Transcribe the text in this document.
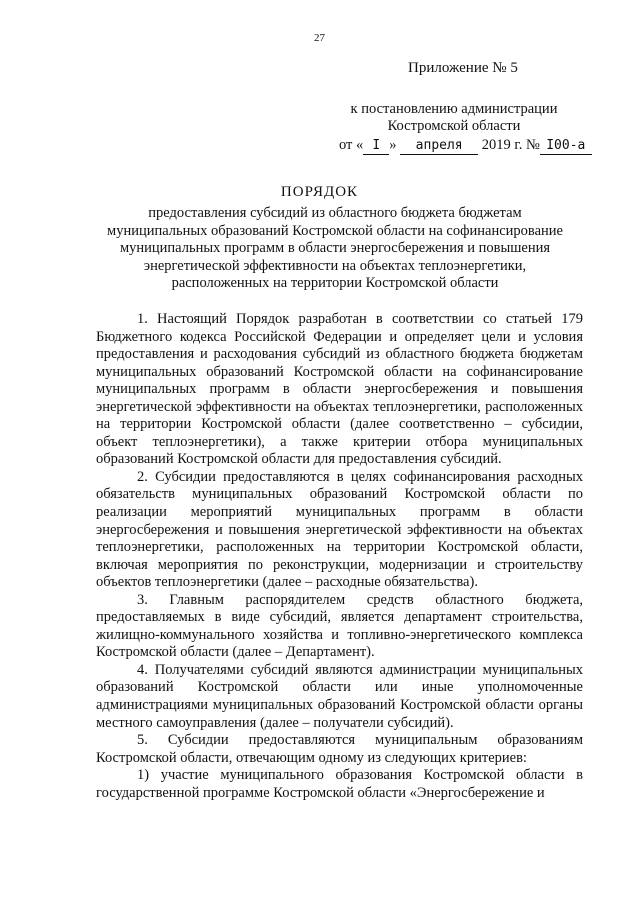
27
Приложение № 5
к постановлению администрации
Костромской области
от « I » апреля 2019 г. № I00-а
ПОРЯДОК
предоставления субсидий из областного бюджета бюджетам муниципальных образований Костромской области на софинансирование муниципальных программ в области энергосбережения и повышения энергетической эффективности на объектах теплоэнергетики, расположенных на территории Костромской области

1. Настоящий Порядок разработан в соответствии со статьей 179 Бюджетного кодекса Российской Федерации и определяет цели и условия предоставления и расходования субсидий из областного бюджета бюджетам муниципальных образований Костромской области на софинансирование муниципальных программ в области энергосбережения и повышения энергетической эффективности на объектах теплоэнергетики, расположенных на территории Костромской области (далее соответственно – субсидии, объект теплоэнергетики), а также критерии отбора муниципальных образований Костромской области для предоставления субсидий.

2. Субсидии предоставляются в целях софинансирования расходных обязательств муниципальных образований Костромской области по реализации мероприятий муниципальных программ в области энергосбережения и повышения энергетической эффективности на объектах теплоэнергетики, расположенных на территории Костромской области, включая мероприятия по реконструкции, модернизации и строительству объектов теплоэнергетики (далее – расходные обязательства).

3. Главным распорядителем средств областного бюджета, предоставляемых в виде субсидий, является департамент строительства, жилищно-коммунального хозяйства и топливно-энергетического комплекса Костромской области (далее – Департамент).

4. Получателями субсидий являются администрации муниципальных образований Костромской области или иные уполномоченные администрациями муниципальных образований Костромской области органы местного самоуправления (далее – получатели субсидий).

5. Субсидии предоставляются муниципальным образованиям Костромской области, отвечающим одному из следующих критериев:

1) участие муниципального образования Костромской области в государственной программе Костромской области «Энергосбережение и
